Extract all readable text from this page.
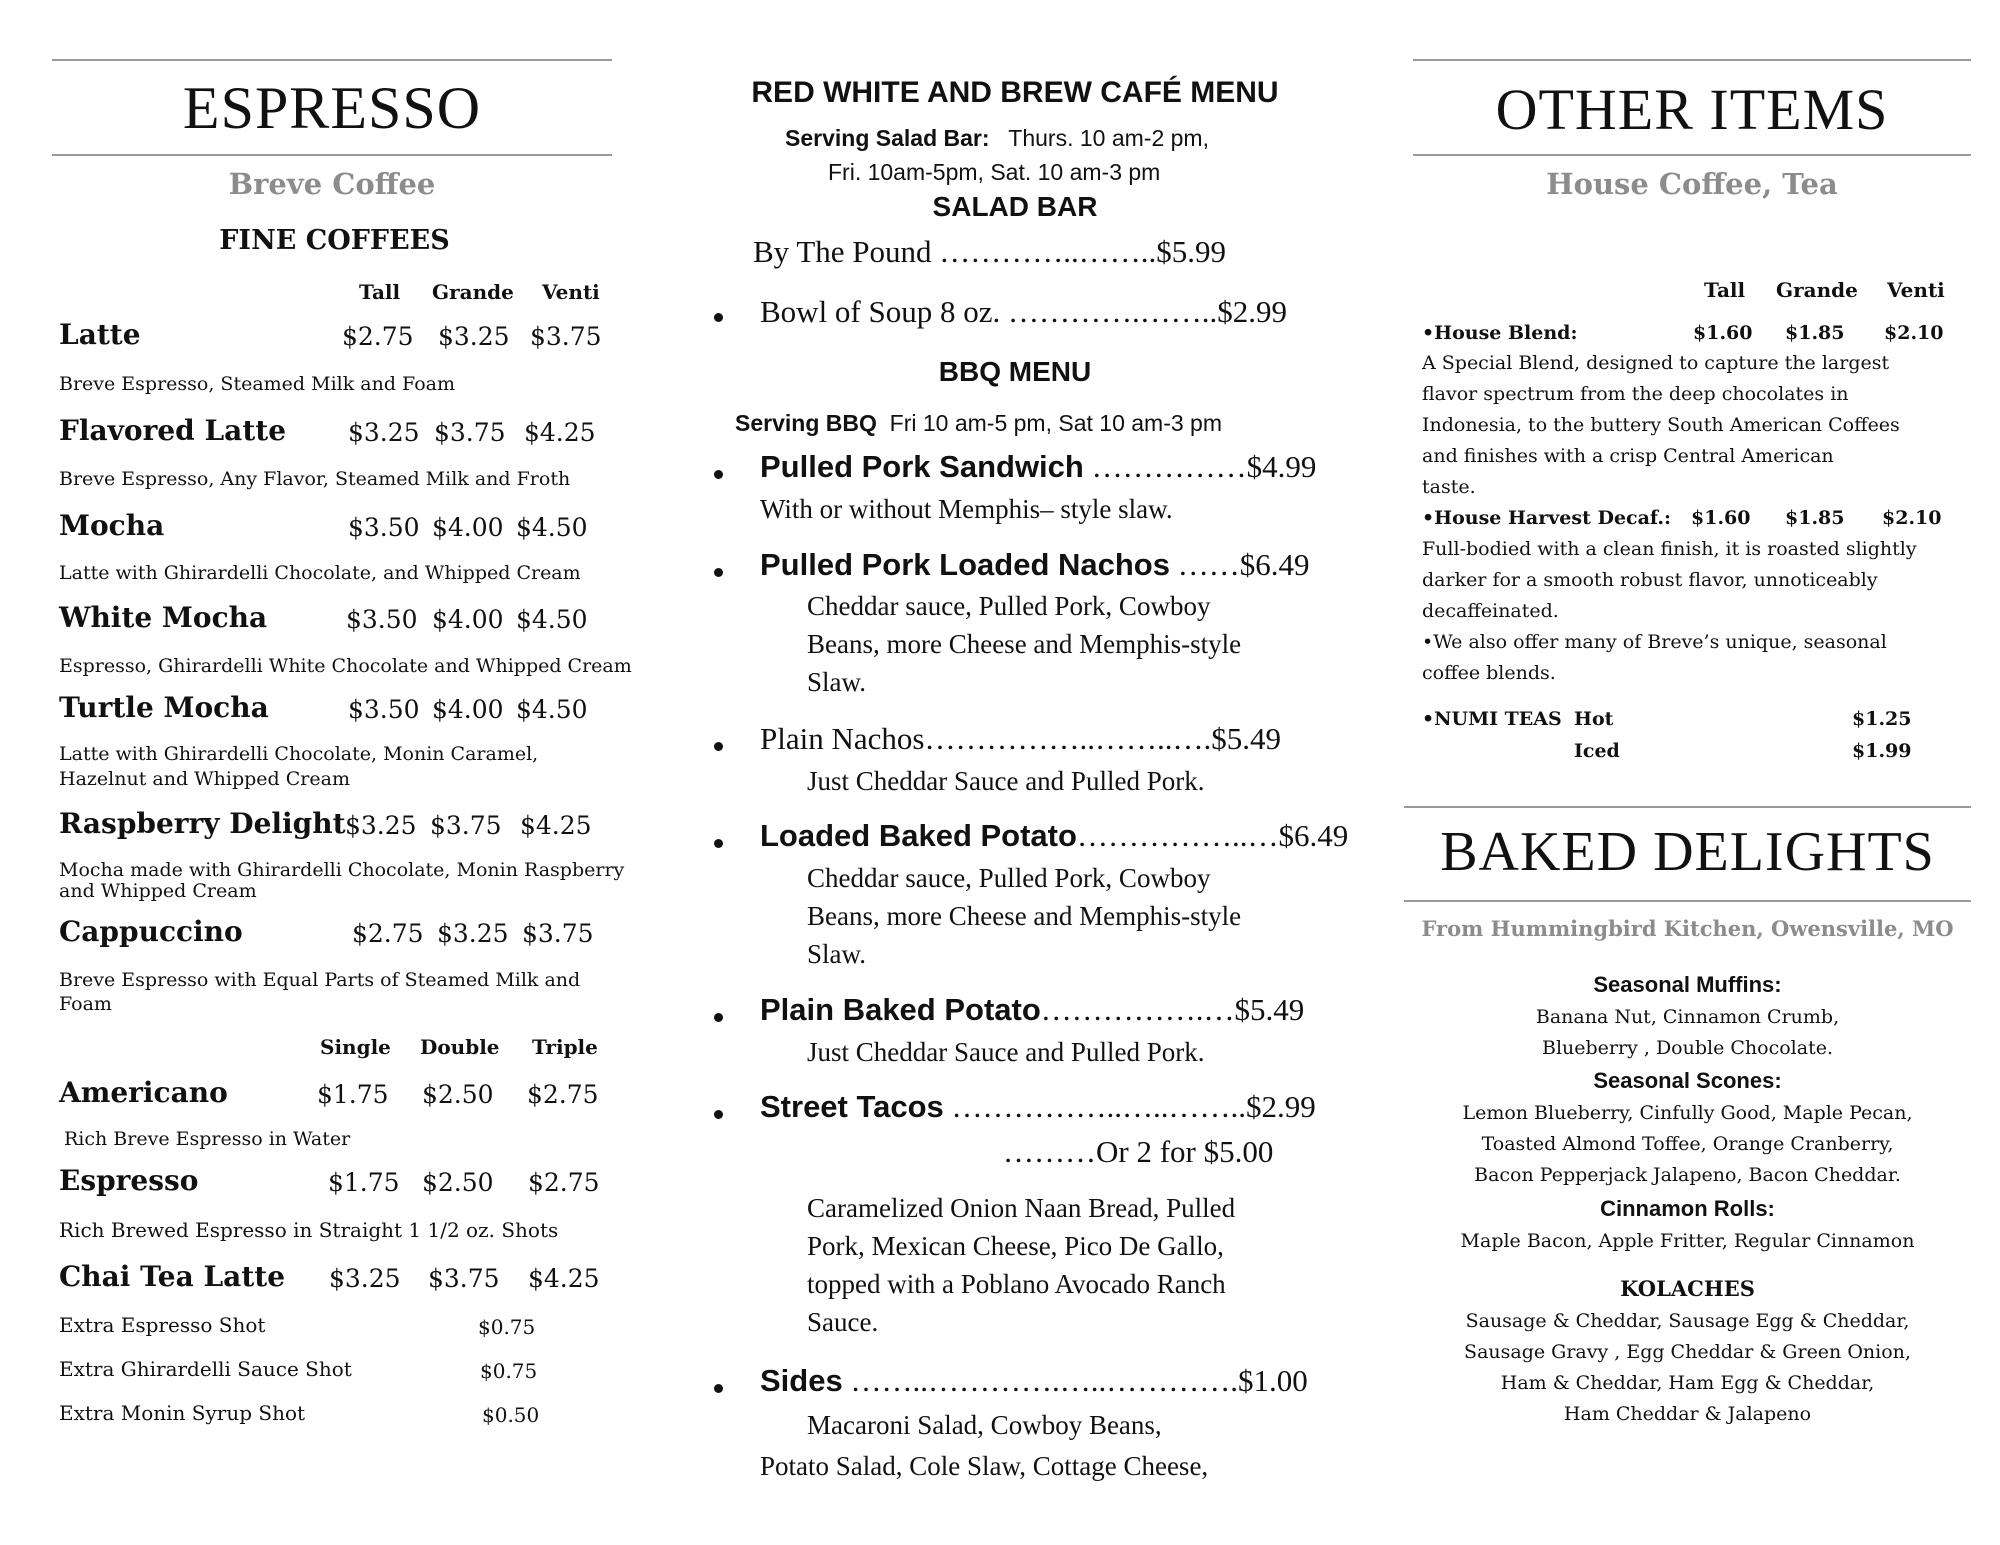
ESPRESSO
Breve Coffee
FINE COFFEES
Tall Grande Venti
Latte	$2.75 $3.25 $3.75
Breve Espresso, Steamed Milk and Foam
Flavored Latte $3.25 $3.75 $4.25
Breve Espresso, Any Flavor, Steamed Milk and Froth
Mocha	$3.50 $4.00 $4.50
Latte with Ghirardelli Chocolate, and Whipped Cream
White Mocha	$3.50 $4.00 $4.50
Espresso, Ghirardelli White Chocolate and Whipped Cream
Turtle Mocha	$3.50 $4.00 $4.50
Latte with Ghirardelli Chocolate, Monin Caramel,
Hazelnut and Whipped Cream
Raspberry Delight $3.25 $3.75 $4.25
Mocha made with Ghirardelli Chocolate, Monin Raspberry
and Whipped Cream
Cappuccino	$2.75 $3.25 $3.75
Breve Espresso with Equal Parts of Steamed Milk and
Foam
Single Double Triple
Americano	$1.75 $2.50 $2.75
Rich Breve Espresso in Water
Espresso	$1.75 $2.50 $2.75
Rich Brewed Espresso in Straight 1 1/2 oz. Shots
Chai Tea Latte $3.25 $3.75 $4.25
Extra Espresso Shot	$0.75
Extra Ghirardelli Sauce Shot	$0.75
Extra Monin Syrup Shot	$0.50
RED WHITE AND BREW CAFÉ MENU
Serving Salad Bar: Thurs. 10 am-2 pm,
Fri. 10am-5pm, Sat. 10 am-3 pm
SALAD BAR
By The Pound …………..……..$5.99
Bowl of Soup 8 oz. ………….……..$2.99
BBQ MENU
Serving BBQ Fri 10 am-5 pm, Sat 10 am-3 pm
Pulled Pork Sandwich ……………$4.99
With or without Memphis– style slaw.
Pulled Pork Loaded Nachos ……$6.49
Cheddar sauce, Pulled Pork, Cowboy
Beans, more Cheese and Memphis-style
Slaw.
Plain Nachos……………..……..….$5.49
Just Cheddar Sauce and Pulled Pork.
Loaded Baked Potato……………..…$6.49
Cheddar sauce, Pulled Pork, Cowboy
Beans, more Cheese and Memphis-style
Slaw.
Plain Baked Potato…………….…$5.49
Just Cheddar Sauce and Pulled Pork.
Street Tacos ……………..…..……..$2.99
………Or 2 for $5.00
Caramelized Onion Naan Bread, Pulled
Pork, Mexican Cheese, Pico De Gallo,
topped with a Poblano Avocado Ranch
Sauce.
Sides ……..………….…..………….$1.00
Macaroni Salad, Cowboy Beans,
Potato Salad, Cole Slaw, Cottage Cheese,
OTHER ITEMS
House Coffee, Tea
Tall Grande Venti
•House Blend:	$1.60 $1.85 $2.10
A Special Blend, designed to capture the largest
flavor spectrum from the deep chocolates in
Indonesia, to the buttery South American Coffees
and finishes with a crisp Central American
taste.
•House Harvest Decaf.: $1.60 $1.85 $2.10
Full-bodied with a clean finish, it is roasted slightly
darker for a smooth robust flavor, unnoticeably
decaffeinated.
•We also offer many of Breve’s unique, seasonal
coffee blends.
•NUMI TEAS Hot	$1.25
Iced	$1.99
BAKED DELIGHTS
From Hummingbird Kitchen, Owensville, MO
Seasonal Muffins:
Banana Nut, Cinnamon Crumb,
Blueberry , Double Chocolate.
Seasonal Scones:
Lemon Blueberry, Cinfully Good, Maple Pecan,
Toasted Almond Toffee, Orange Cranberry,
Bacon Pepperjack Jalapeno, Bacon Cheddar.
Cinnamon Rolls:
Maple Bacon, Apple Fritter, Regular Cinnamon
KOLACHES
Sausage & Cheddar, Sausage Egg & Cheddar,
Sausage Gravy , Egg Cheddar & Green Onion,
Ham & Cheddar, Ham Egg & Cheddar,
Ham Cheddar & Jalapeno
